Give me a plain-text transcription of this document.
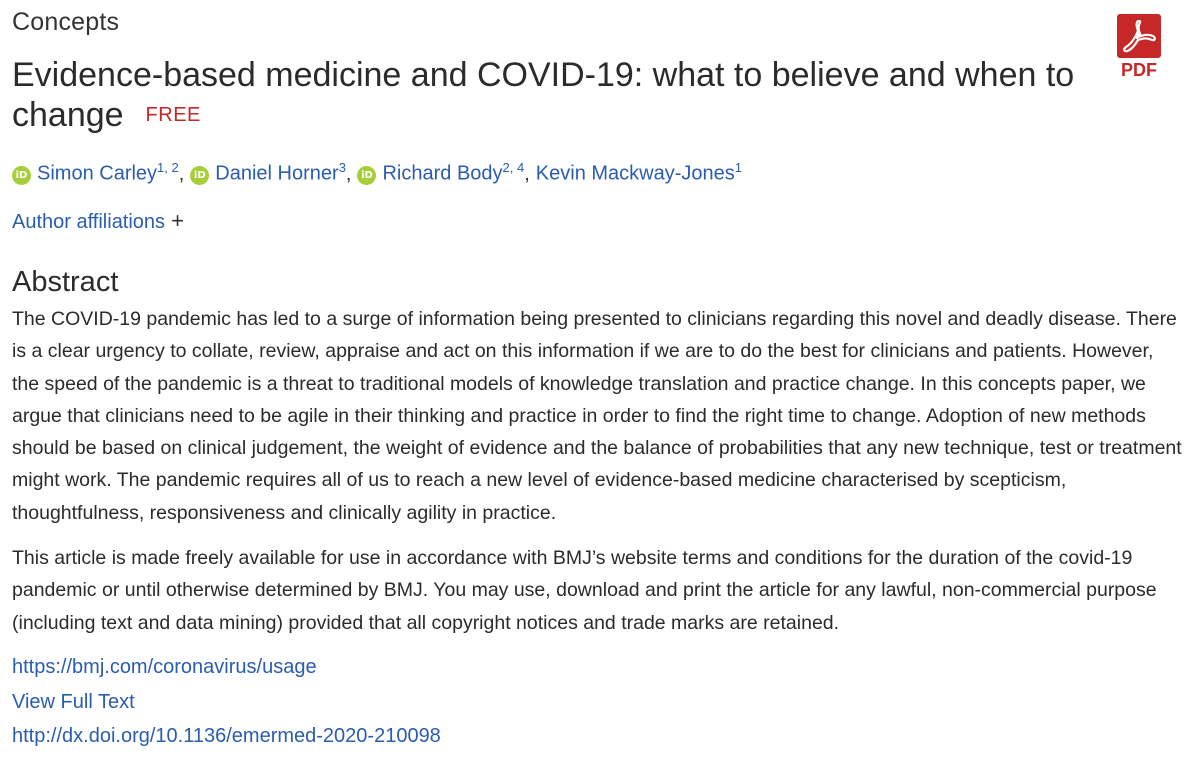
Concepts
Evidence-based medicine and COVID-19: what to believe and when to change FREE
PDF
iD Simon Carley$^{1, 2}$, iD Daniel Horner$^3$, iD Richard Body$^{2, 4}$, Kevin Mackway-Jones$^1$
Author affiliations +
Abstract

The COVID-19 pandemic has led to a surge of information being presented to clinicians regarding this novel and deadly disease. There is a clear urgency to collate, review, appraise and act on this information if we are to do the best for clinicians and patients. However, the speed of the pandemic is a threat to traditional models of knowledge translation and practice change. In this concepts paper, we argue that clinicians need to be agile in their thinking and practice in order to find the right time to change. Adoption of new methods should be based on clinical judgement, the weight of evidence and the balance of probabilities that any new technique, test or treatment might work. The pandemic requires all of us to reach a new level of evidence-based medicine characterised by scepticism, thoughtfulness, responsiveness and clinically agility in practice.

This article is made freely available for use in accordance with BMJ’s website terms and conditions for the duration of the covid-19 pandemic or until otherwise determined by BMJ. You may use, download and print the article for any lawful, non-commercial purpose (including text and data mining) provided that all copyright notices and trade marks are retained.

https://bmj.com/coronavirus/usage
View Full Text
http://dx.doi.org/10.1136/emermed-2020-210098
